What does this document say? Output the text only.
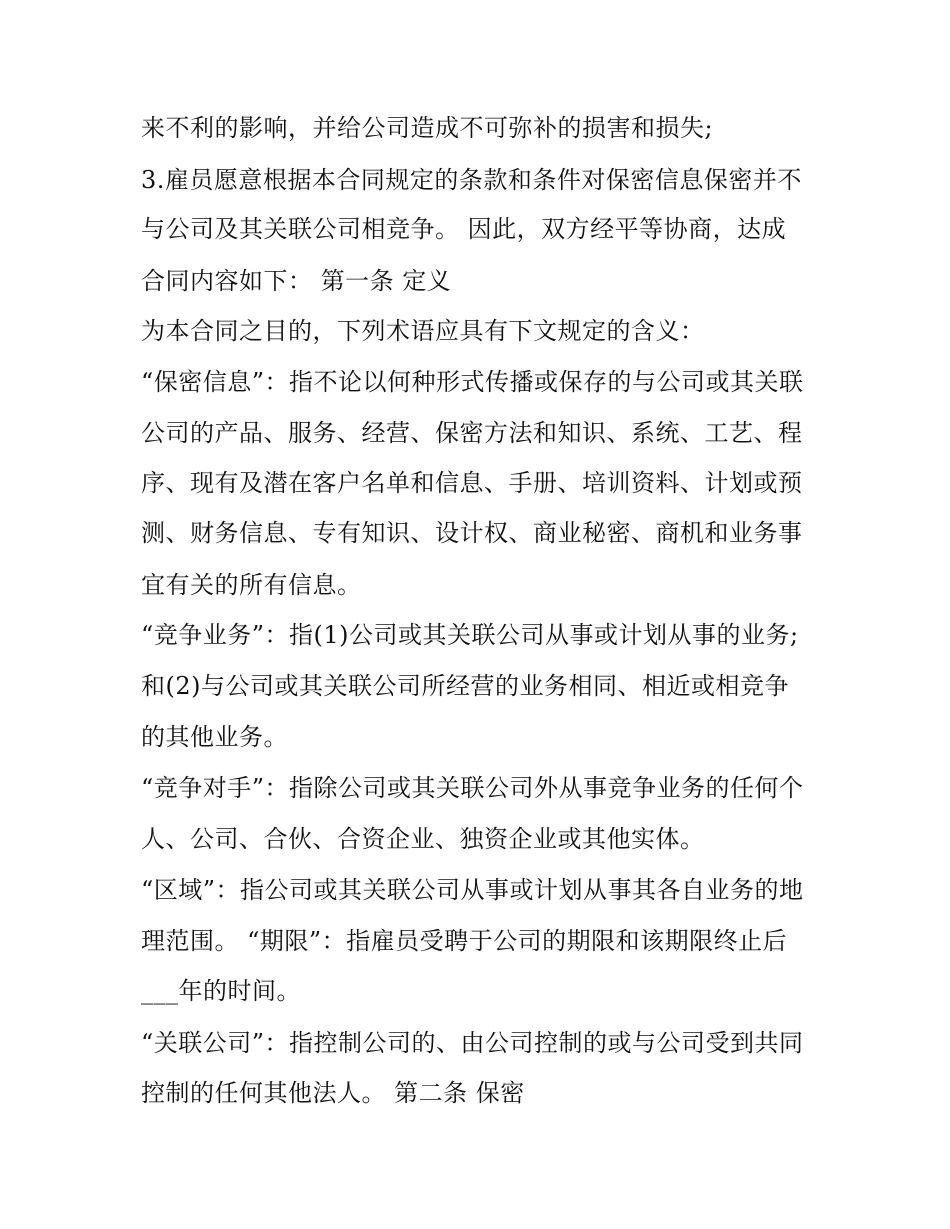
来不利的影响，并给公司造成不可弥补的损害和损失;
3.雇员愿意根据本合同规定的条款和条件对保密信息保密并不
与公司及其关联公司相竞争。 因此，双方经平等协商，达成
合同内容如下： 第一条 定义
为本合同之目的，下列术语应具有下文规定的含义：
“保密信息”：指不论以何种形式传播或保存的与公司或其关联
公司的产品、服务、经营、保密方法和知识、系统、工艺、程
序、现有及潜在客户名单和信息、手册、培训资料、计划或预
测、财务信息、专有知识、设计权、商业秘密、商机和业务事
宜有关的所有信息。
“竞争业务”：指(1)公司或其关联公司从事或计划从事的业务;
和(2)与公司或其关联公司所经营的业务相同、相近或相竞争
的其他业务。
“竞争对手”：指除公司或其关联公司外从事竞争业务的任何个
人、公司、合伙、合资企业、独资企业或其他实体。
“区域”：指公司或其关联公司从事或计划从事其各自业务的地
理范围。 “期限”：指雇员受聘于公司的期限和该期限终止后
___年的时间。
“关联公司”：指控制公司的、由公司控制的或与公司受到共同
控制的任何其他法人。 第二条 保密
